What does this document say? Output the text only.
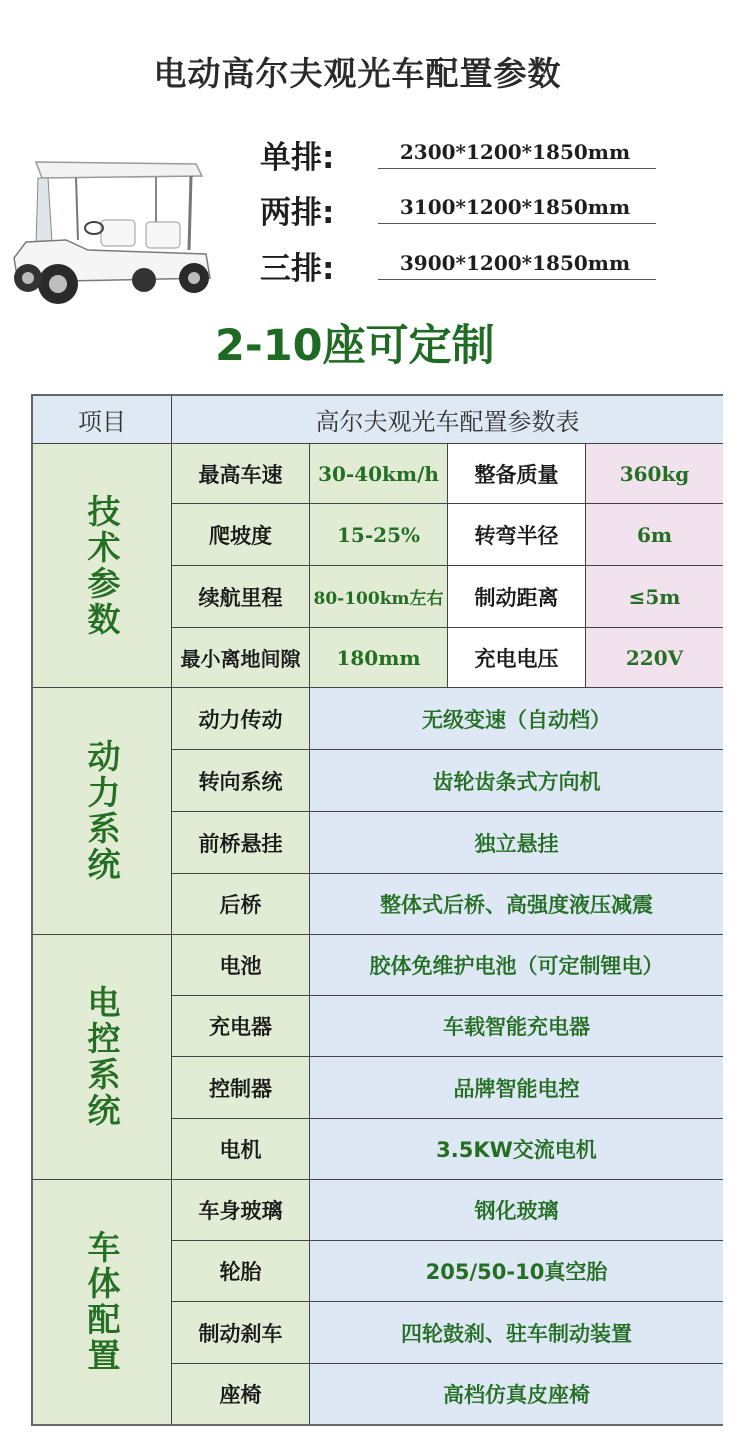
电动高尔夫观光车配置参数
单排:	2300*1200*1850mm
两排:	3100*1200*1850mm
三排:	3900*1200*1850mm
2-10座可定制
项目	高尔夫观光车配置参数表
技术参数
最高车速	30-40km/h	整备质量	360kg
爬坡度	15-25%	转弯半径	6m
续航里程	80-100km左右	制动距离	≤5m
最小离地间隙	180mm	充电电压	220V
动力系统
动力传动	无级变速（自动档）
转向系统	齿轮齿条式方向机
前桥悬挂	独立悬挂
后桥	整体式后桥、高强度液压减震
电控系统
电池	胶体免维护电池（可定制锂电）
充电器	车载智能充电器
控制器	品牌智能电控
电机	3.5KW交流电机
车体配置
车身玻璃	钢化玻璃
轮胎	205/50-10真空胎
制动刹车	四轮鼓刹、驻车制动装置
座椅	高档仿真皮座椅
